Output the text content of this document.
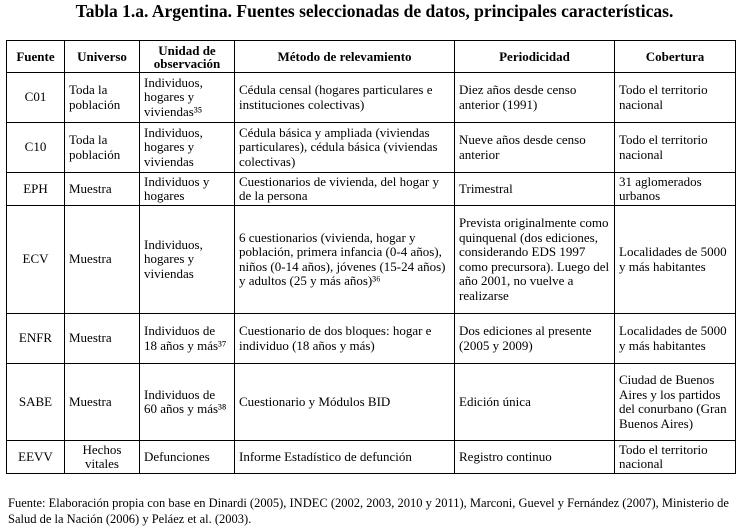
Tabla 1.a. Argentina. Fuentes seleccionadas de datos, principales características.
Fuente	Universo	Unidad de observación	Método de relevamiento	Periodicidad	Cobertura
C01	Toda la población	Individuos, hogares y viviendas³⁵	Cédula censal (hogares particulares e instituciones colectivas)	Diez años desde censo anterior (1991)	Todo el territorio nacional
C10	Toda la población	Individuos, hogares y viviendas	Cédula básica y ampliada (viviendas particulares), cédula básica (viviendas colectivas)	Nueve años desde censo anterior	Todo el territorio nacional
EPH	Muestra	Individuos y hogares	Cuestionarios de vivienda, del hogar y de la persona	Trimestral	31 aglomerados urbanos
ECV	Muestra	Individuos, hogares y viviendas	6 cuestionarios (vivienda, hogar y población, primera infancia (0-4 años), niños (0-14 años), jóvenes (15-24 años) y adultos (25 y más años)³⁶	Prevista originalmente como quinquenal (dos ediciones, considerando EDS 1997 como precursora). Luego del año 2001, no vuelve a realizarse	Localidades de 5000 y más habitantes
ENFR	Muestra	Individuos de 18 años y más³⁷	Cuestionario de dos bloques: hogar e individuo (18 años y más)	Dos ediciones al presente (2005 y 2009)	Localidades de 5000 y más habitantes
SABE	Muestra	Individuos de 60 años y más³⁸	Cuestionario y Módulos BID	Edición única	Ciudad de Buenos Aires y los partidos del conurbano (Gran Buenos Aires)
EEVV	Hechos vitales	Defunciones	Informe Estadístico de defunción	Registro continuo	Todo el territorio nacional
Fuente: Elaboración propia con base en Dinardi (2005), INDEC (2002, 2003, 2010 y 2011), Marconi, Guevel y Fernández (2007), Ministerio de Salud de la Nación (2006) y Peláez et al. (2003).
